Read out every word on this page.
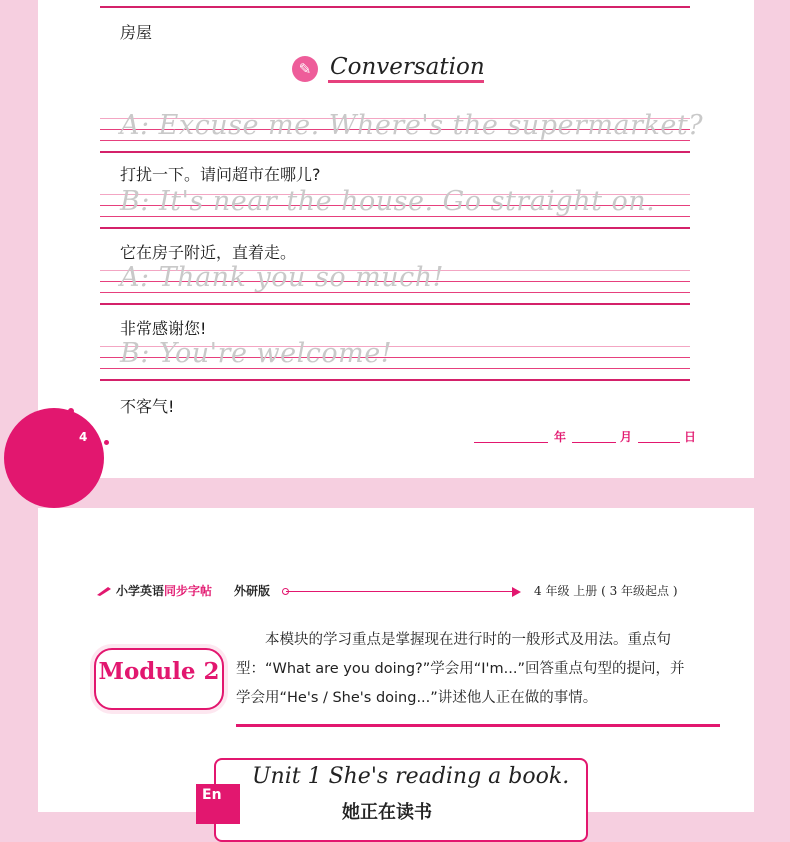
房屋
✎ Conversation
A: Excuse me. Where's the supermarket?
打扰一下。请问超市在哪儿?
B: It's near the house. Go straight on.
它在房子附近，直着走。
A: Thank you so much!
非常感谢您!
B: You're welcome!
不客气!
4	年	月	日
小学英语同步字帖 外研版	4 年级 上册 ( 3 年级起点 )
Module 2
本模块的学习重点是掌握现在进行时的一般形式及用法。重点句型：“What are you doing?”学会用“I'm...”回答重点句型的提问，并学会用“He's / She's doing...”讲述他人正在做的事情。
En
Unit 1 She's reading a book.
她正在读书
